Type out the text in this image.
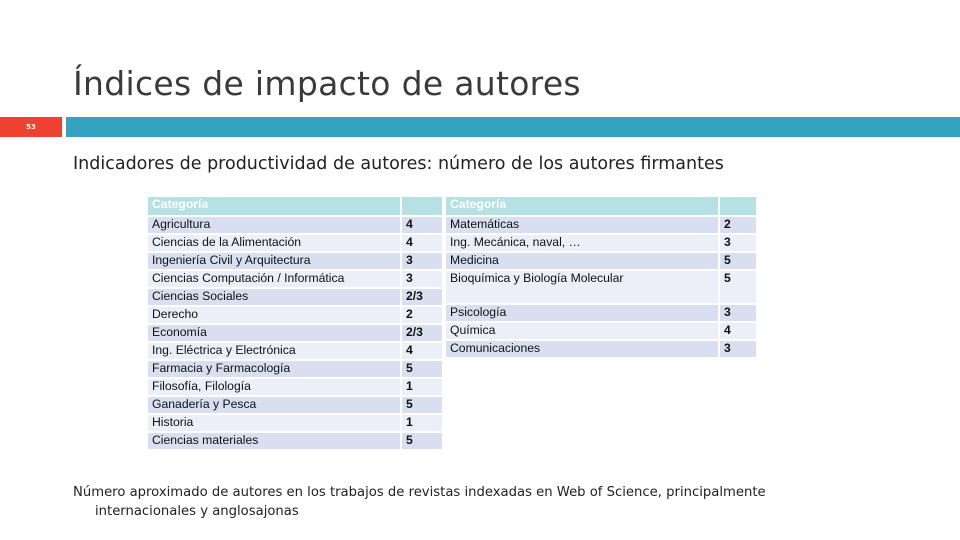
Índices de impacto de autores
53
Indicadores de productividad de autores: número de los autores firmantes
Categoría	
Agricultura	4
Ciencias de la Alimentación	4
Ingeniería Civil y Arquitectura	3
Ciencias Computación / Informática	3
Ciencias Sociales	2/3
Derecho	2
Economía	2/3
Ing. Eléctrica y Electrónica	4
Farmacia y Farmacología	5
Filosofía, Filología	1
Ganadería y Pesca	5
Historia	1
Ciencias materiales	5
Categoría	
Matemáticas	2
Ing. Mecánica, naval, …	3
Medicina	5
Bioquímica y Biología Molecular	5
Psicología	3
Química	4
Comunicaciones	3

Número aproximado de autores en los trabajos de revistas indexadas en Web of Science, principalmente
internacionales y anglosajonas
